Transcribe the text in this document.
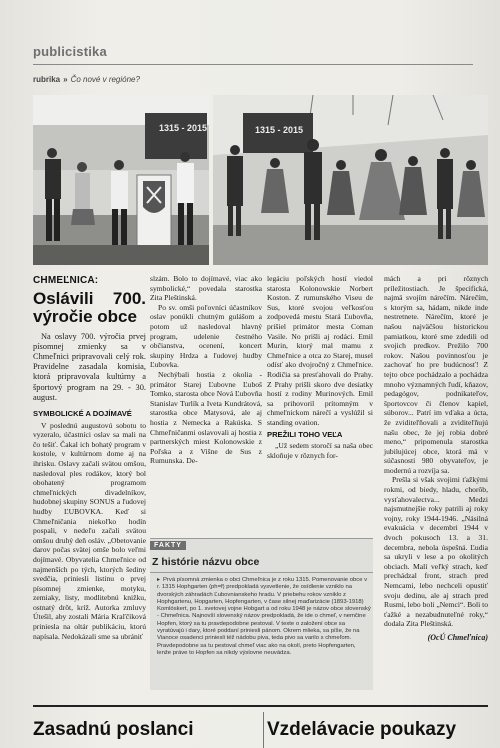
publicistika
rubrika » Čo nové v regióne?
1315 - 2015	1315 - 2015
CHMEĽNICA:
Oslávili 700. výročie obce
Na oslavy 700. výročia prvej písomnej zmienky sa v Chmeľnici pripravovali celý rok. Pravidelne zasadala komisia, ktorá pripravovala kultúrny a športový program na 29. - 30. august.
SYMBOLICKÉ A DOJÍMAVÉ
V poslednú augustovú sobotu to vyzeralo, účastníci oslav sa mali na čo tešiť. Čakal ich bohatý program v kostole, v kultúrnom dome aj na ihrisku. Oslavy začali svätou omšou, nasledoval ples rodákov, ktorý bol obohatený programom chmeľnických divadelníkov, hudobnej skupiny SONUS a ľudovej hudby ĽUBOVKA. Keď si Chmeľničania niekoľko hodín pospali, v nedeľu začali svätou omšou druhý deň osláv. „Obetovanie darov počas svätej omše bolo veľmi dojímavé. Obyvatelia Chmeľnice od najmenších po tých, ktorých šediny svedčia, priniesli listinu o prvej písomnej zmienke, motyku, zemiaky, listy, modlitebnú knižku, ostnatý drôt, kríž. Autorka zmluvy Útešil, aby zostali Mária Kraľčíková priniesla na oltár publikáciu, ktorú napísala. Nedokázali sme sa ubrániť
slzám. Bolo to dojímavé, viac ako symbolické,“ povedala starostka Zita Pleštinská.
Po sv. omši poľovníci účastníkov oslav ponúkli chutným gulášom a potom už nasledoval hlavný program, udelenie čestného občianstva, ocenení, koncert skupiny Hrdza a ľudovej hudby Ľubovka.
Nechýbali hostia z okolia - primátor Starej Ľubovne Ľuboš Tomko, starosta obce Nová Ľubovňa Stanislav Turlík a Iveta Kundrátová, starostka obce Matysová, ale aj hostia z Nemecka a Rakúska. S Chmeľničanmi oslavovali aj hostia z partnerských miest Kolonowskie z Poľska a z Višne de Sus z Rumunska. De-
legáciu poľských hostí viedol starosta Kolonowskie Norbert Koston. Z rumunského Viseu de Sus, ktoré svojou veľkosťou zodpovedá mestu Stará Ľubovňa, prišiel primátor mesta Coman Vasile. No prišli aj rodáci. Emil Murin, ktorý mal mamu z Chmeľnice a otca zo Starej, musel odísť ako dvojročný z Chmeľnice. Rodičia sa presťahovali do Prahy. Z Prahy prišli skoro dve desiatky hostí z rodiny Murinových. Emil sa prihovoril prítomným v chmeľnickom nárečí a vyslúžil si standing ovation.
PREŽILI TOHO VEĽA
„Už sedem storočí sa naša obec skloňuje v rôznych for-
mách a pri rôznych príležitostiach. Je špecifická, najmä svojím nárečím. Nárečím, s ktorým sa, hádam, nikde inde nestretnete. Nárečím, ktoré je našou najväčšou historickou pamiatkou, ktoré sme zdedili od svojich predkov. Prežilo 700 rokov. Našou povinnosťou je zachovať ho pre budúcnosť! Z tejto obce pochádzalo a pochádza mnoho významných ľudí, kňazov, pedagógov, podnikateľov, športovcov či členov kapiel, súborov... Patrí im vďaka a úcta, že zviditeľňovali a zviditeľňujú našu obec, že jej robia dobré meno,“ pripomenula starostka jubilujúcej obce, ktorá má v súčasnosti 980 obyvateľov, je modernú a rozvíja sa.
Prešla si však svojimi ťažkými rokmi, od biedy, hladu, chorôb, vysťahovalectva... Medzi najsmutnejšie roky patrili aj roky vojny, roky 1944-1946. „Násilná evakuácia v decembri 1944 v dvoch pokusoch 13. a 31. decembra, nebola úspešná. Ľudia sa ukryli v lese a po okolitých obciach. Malí veľký strach, keď prechádzal front, strach pred Nemcami, lebo nechceli opustiť svoju dedinu, ale aj strach pred Rusmi, lebo boli „Nemci“. Boli to ťažké a nezabudnuteľné roky,“ dodala Zita Pleštinská.
(OcÚ Chmeľnica)
FAKTY
Z histórie názvu obce
▸ Prvá písomná zmienka o obci Chmeľnica je z roku 1315. Pomenovanie obce v r. 1315 Hophgarten (ph=f) predpokladá vysvetlenie, že osídlenie vzniklo na dvorských záhradách Ľubovnianskeho hradu. V priebehu rokov vzniklo z Hophgartenu, Hopgarten, Hopfengarten, v čase silnej maďarizácie (1893-1918) Komlóskert, po 1. svetovej vojne Hobgart a od roku 1948 je názov obce slovenský - Chmeľnica. Najnovší slovenský názov predpokladá, že ide o chmeľ, v nemčine Hopfen, ktorý sa tu pravdepodobne pestoval. V texte o založení obce sa vyratúvajú i dary, ktoré poddaní priniesli pánom. Okrem mlieka, sa píše, že na Vianoce osadenci priniesli též nádobu piva, teda pivo sa varilo s chmeľom. Pravdepodobne sa tu pestoval chmeľ viac ako na okolí, preto Hopfengarten, lenže práve to Hopfen sa nikdy výslovne neuvádza.
Zasadnú poslanci	Vzdelávacie poukazy
